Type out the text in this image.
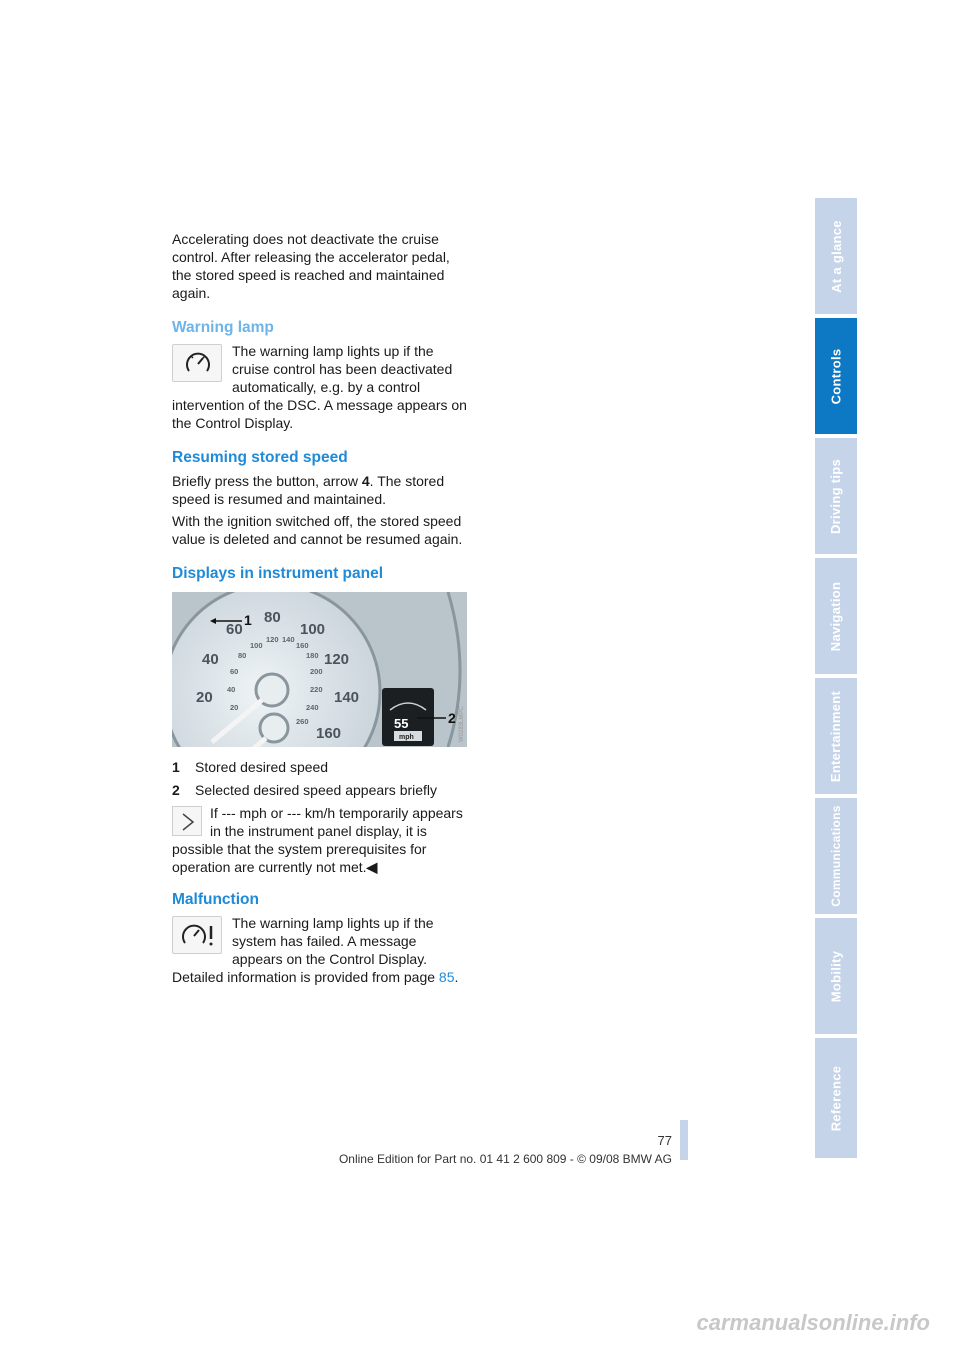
Accelerating does not deactivate the cruise control. After releasing the accelerator pedal, the stored speed is reached and maintained again.

Warning lamp

The warning lamp lights up if the cruise control has been deactivated automatically, e.g. by a control intervention of the DSC. A message appears on the Control Display.

Resuming stored speed

Briefly press the button, arrow 4. The stored speed is resumed and maintained.

With the ignition switched off, the stored speed value is deleted and cannot be resumed again.

Displays in instrument panel
20
40
60
80
100
120
140
160
20
40
60
80
100
120 140
160
180
200
220
240
260
1
55
mph
2 W0283LMPC
1 Stored desired speed
2 Selected desired speed appears briefly

If --- mph or --- km/h temporarily appears in the instrument panel display, it is possible that the system prerequisites for operation are currently not met.◀

Malfunction

The warning lamp lights up if the system has failed. A message appears on the Control Display. Detailed information is provided from page 85.

At a glance
Controls
Driving tips
Navigation
Entertainment
Communications
Mobility
Reference
77
Online Edition for Part no. 01 41 2 600 809 - © 09/08 BMW AG
carmanualsonline.info
